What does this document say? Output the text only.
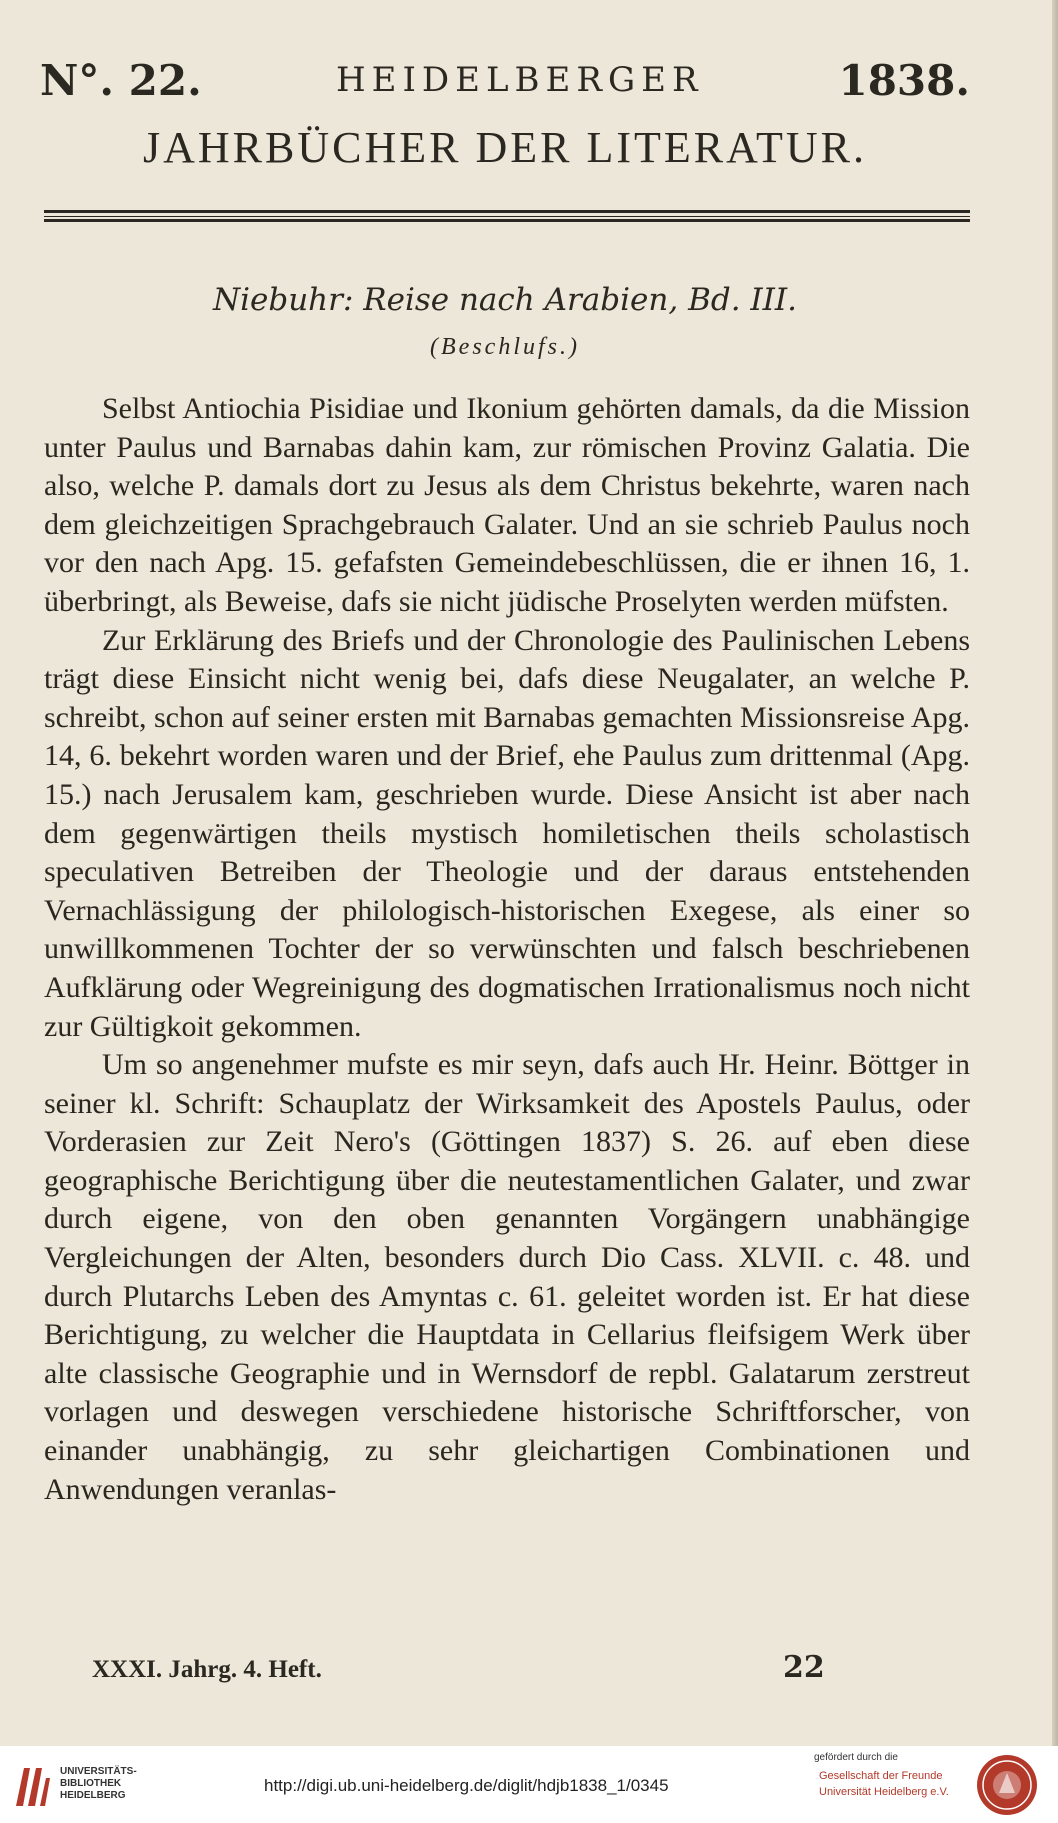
N°. 22.	HEIDELBERGER	1838.
JAHRBÜCHER DER LITERATUR.
Niebuhr: Reise nach Arabien, Bd. III.
(Beschlufs.)

Selbst Antiochia Pisidiae und Ikonium gehörten damals, da die Mission unter Paulus und Barnabas dahin kam, zur römischen Provinz Galatia. Die also, welche P. damals dort zu Jesus als dem Christus bekehrte, waren nach dem gleichzeitigen Sprachgebrauch Galater. Und an sie schrieb Paulus noch vor den nach Apg. 15. gefafsten Gemeindebeschlüssen, die er ihnen 16, 1. überbringt, als Beweise, dafs sie nicht jüdische Proselyten werden müfsten.

Zur Erklärung des Briefs und der Chronologie des Paulinischen Lebens trägt diese Einsicht nicht wenig bei, dafs diese Neugalater, an welche P. schreibt, schon auf seiner ersten mit Barnabas gemachten Missionsreise Apg. 14, 6. bekehrt worden waren und der Brief, ehe Paulus zum drittenmal (Apg. 15.) nach Jerusalem kam, geschrieben wurde. Diese Ansicht ist aber nach dem gegenwärtigen theils mystisch homiletischen theils scholastisch speculativen Betreiben der Theologie und der daraus entstehenden Vernachlässigung der philologisch-historischen Exegese, als einer so unwillkommenen Tochter der so verwünschten und falsch beschriebenen Aufklärung oder Wegreinigung des dogmatischen Irrationalismus noch nicht zur Gültigkoit gekommen.

Um so angenehmer mufste es mir seyn, dafs auch Hr. Heinr. Böttger in seiner kl. Schrift: Schauplatz der Wirksamkeit des Apostels Paulus, oder Vorderasien zur Zeit Nero's (Göttingen 1837) S. 26. auf eben diese geographische Berichtigung über die neutestamentlichen Galater, und zwar durch eigene, von den oben genannten Vorgängern unabhängige Vergleichungen der Alten, besonders durch Dio Cass. XLVII. c. 48. und durch Plutarchs Leben des Amyntas c. 61. geleitet worden ist. Er hat diese Berichtigung, zu welcher die Hauptdata in Cellarius fleifsigem Werk über alte classische Geographie und in Wernsdorf de repbl. Galatarum zerstreut vorlagen und deswegen verschiedene historische Schriftforscher, von einander unabhängig, zu sehr gleichartigen Combinationen und Anwendungen veranlas-

XXXI. Jahrg. 4. Heft.	22
UNIVERSITÄTS-
BIBLIOTHEK
HEIDELBERG
http://digi.ub.uni-heidelberg.de/diglit/hdjb1838_1/0345
gefördert durch die
Gesellschaft der Freunde
Universität Heidelberg e.V.
